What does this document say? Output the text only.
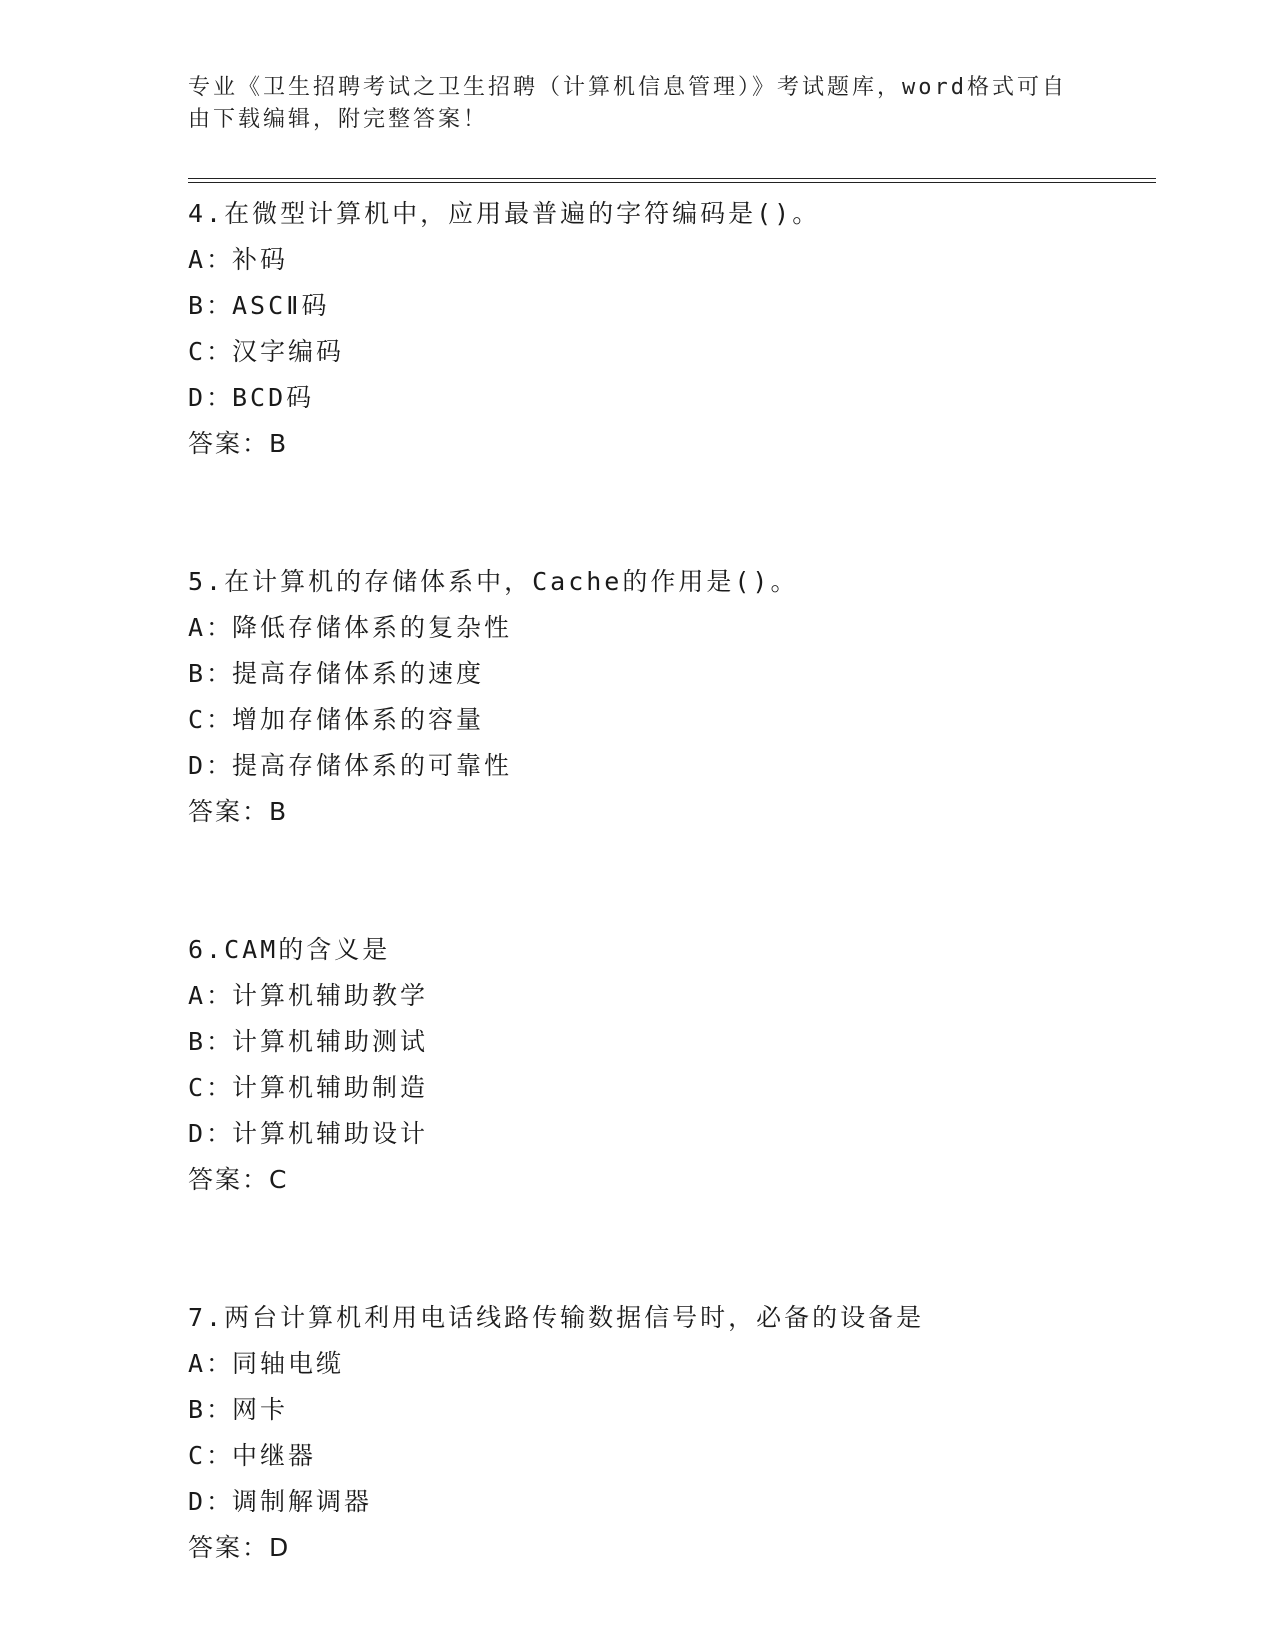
专业《卫生招聘考试之卫生招聘（计算机信息管理）》考试题库，word格式可自
由下载编辑，附完整答案！
4.在微型计算机中，应用最普遍的字符编码是()。
A：补码
B：ASCⅡ码
C：汉字编码
D：BCD码
答案：B
5.在计算机的存储体系中，Cache的作用是()。
A：降低存储体系的复杂性
B：提高存储体系的速度
C：增加存储体系的容量
D：提高存储体系的可靠性
答案：B
6.CAM的含义是
A：计算机辅助教学
B：计算机辅助测试
C：计算机辅助制造
D：计算机辅助设计
答案：C
7.两台计算机利用电话线路传输数据信号时，必备的设备是
A：同轴电缆
B：网卡
C：中继器
D：调制解调器
答案：D
